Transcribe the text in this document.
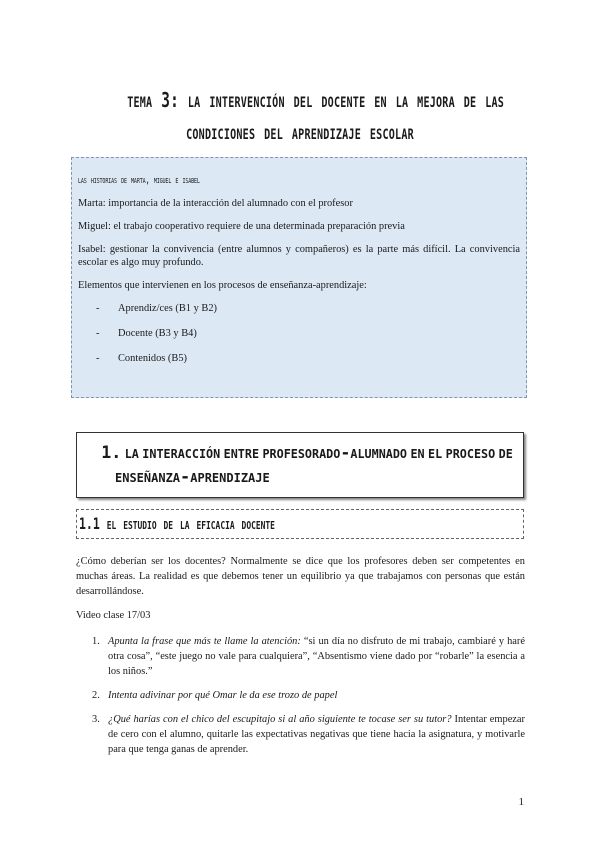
tema 3: la intervención del docente en la mejora de las
condiciones del aprendizaje escolar
las historias de marta, miguel e isabel

Marta: importancia de la interacción del alumnado con el profesor

Miguel: el trabajo cooperativo requiere de una determinada preparación previa

Isabel: gestionar la convivencia (entre alumnos y compañeros) es la parte más difícil. La convivencia escolar es algo muy profundo.

Elementos que intervienen en los procesos de enseñanza-aprendizaje:

-	Aprendiz/ces (B1 y B2)
-	Docente (B3 y B4)
-	Contenidos (B5)
1. la interacción entre profesorado-alumnado en el proceso de
enseñanza-aprendizaje
1.1 el estudio de la eficacia docente

¿Cómo deberían ser los docentes? Normalmente se dice que los profesores deben ser competentes en muchas áreas. La realidad es que debemos tener un equilibrio ya que trabajamos con personas que están desarrollándose.

Video clase 17/03

1. Apunta la frase que más te llame la atención: “si un día no disfruto de mi trabajo, cambiaré y haré otra cosa”, “este juego no vale para cualquiera”, “Absentismo viene dado por “robarle” la esencia a los niños.”
2. Intenta adivinar por qué Omar le da ese trozo de papel
3. ¿Qué harías con el chico del escupitajo si al año siguiente te tocase ser su tutor? Intentar empezar de cero con el alumno, quitarle las expectativas negativas que tiene hacia la asignatura, y motivarle para que tenga ganas de aprender.

1
